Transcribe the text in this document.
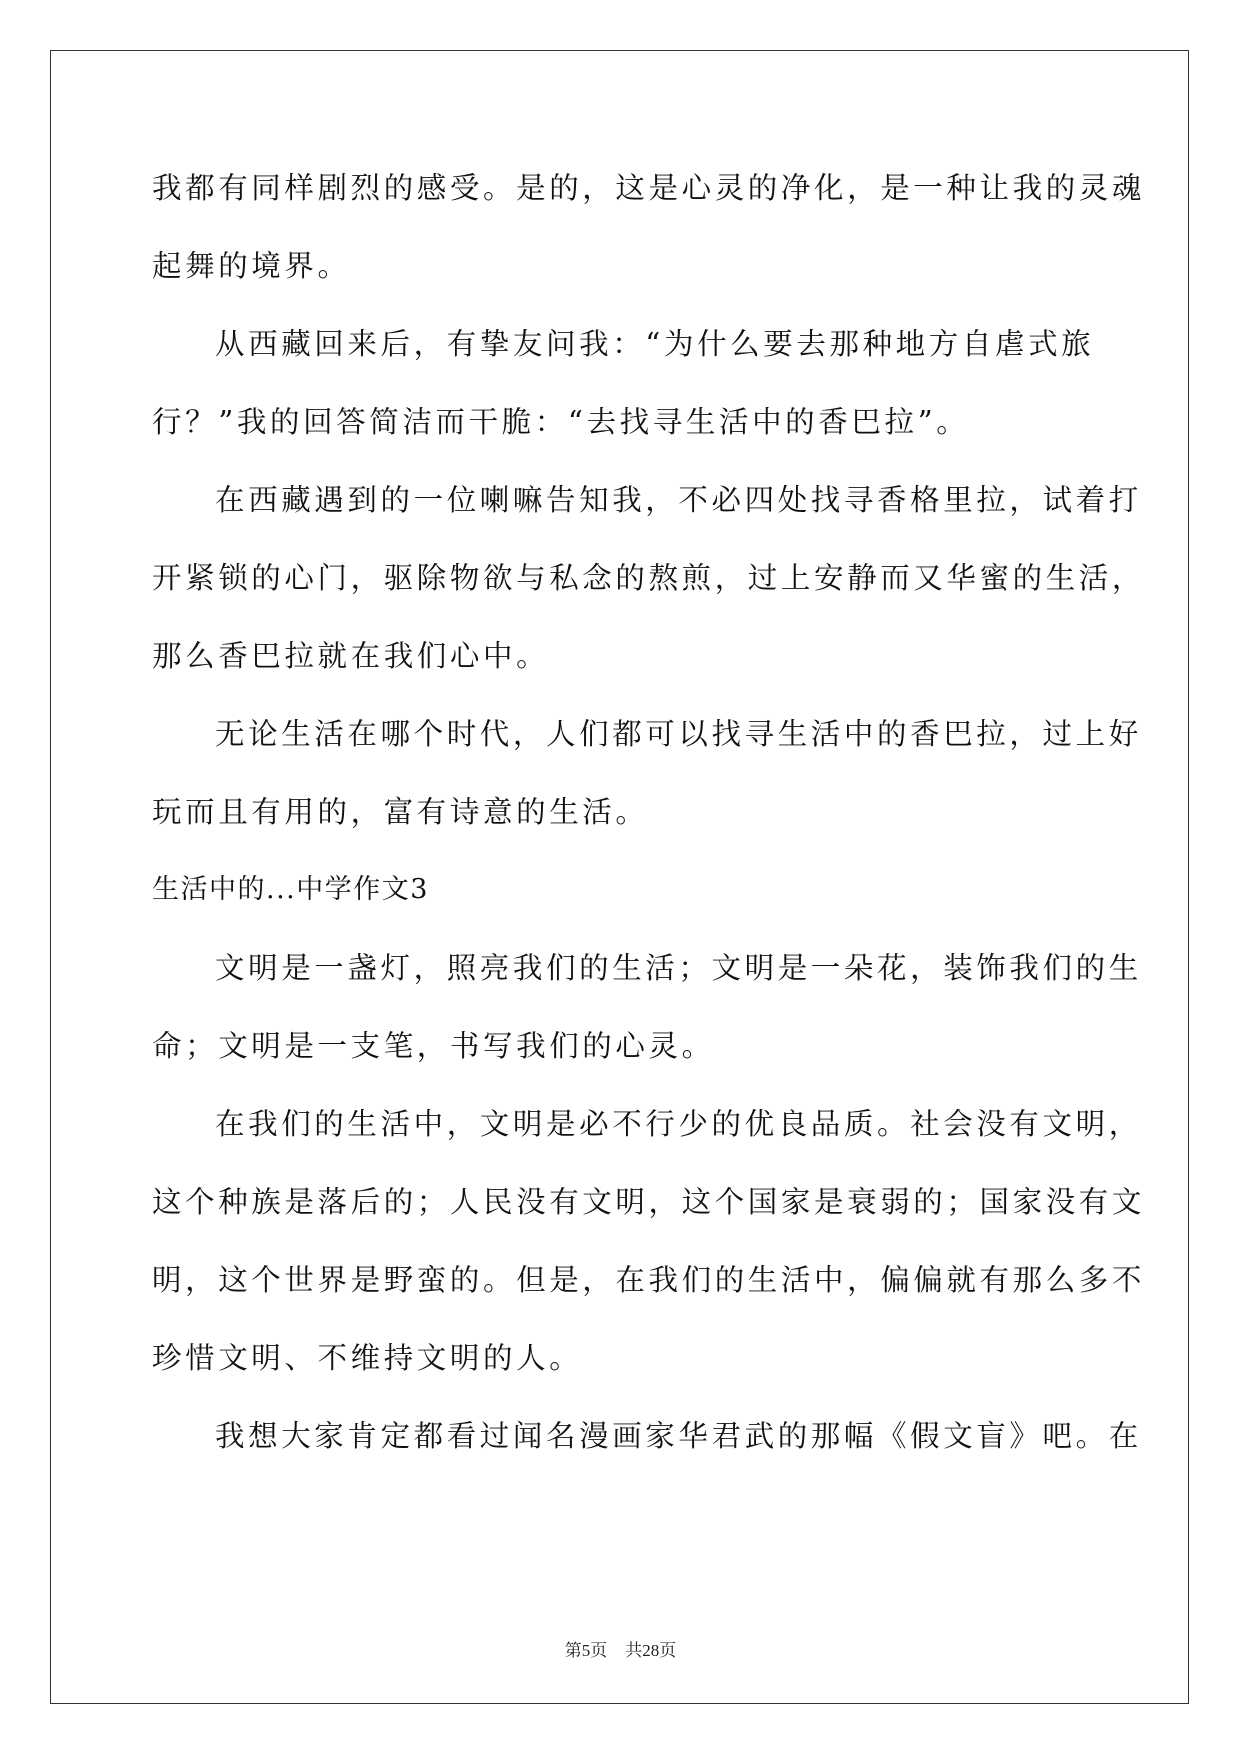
我都有同样剧烈的感受。是的，这是心灵的净化，是一种让我的灵魂
起舞的境界。
从西藏回来后，有挚友问我：“为什么要去那种地方自虐式旅
行？”我的回答简洁而干脆：“去找寻生活中的香巴拉”。
在西藏遇到的一位喇嘛告知我，不必四处找寻香格里拉，试着打
开紧锁的心门，驱除物欲与私念的熬煎，过上安静而又华蜜的生活，
那么香巴拉就在我们心中。
无论生活在哪个时代，人们都可以找寻生活中的香巴拉，过上好
玩而且有用的，富有诗意的生活。
生活中的...中学作文3
文明是一盏灯，照亮我们的生活；文明是一朵花，装饰我们的生
命；文明是一支笔，书写我们的心灵。
在我们的生活中，文明是必不行少的优良品质。社会没有文明，
这个种族是落后的；人民没有文明，这个国家是衰弱的；国家没有文
明，这个世界是野蛮的。但是，在我们的生活中，偏偏就有那么多不
珍惜文明、不维持文明的人。
我想大家肯定都看过闻名漫画家华君武的那幅《假文盲》吧。在
第5页 共28页
